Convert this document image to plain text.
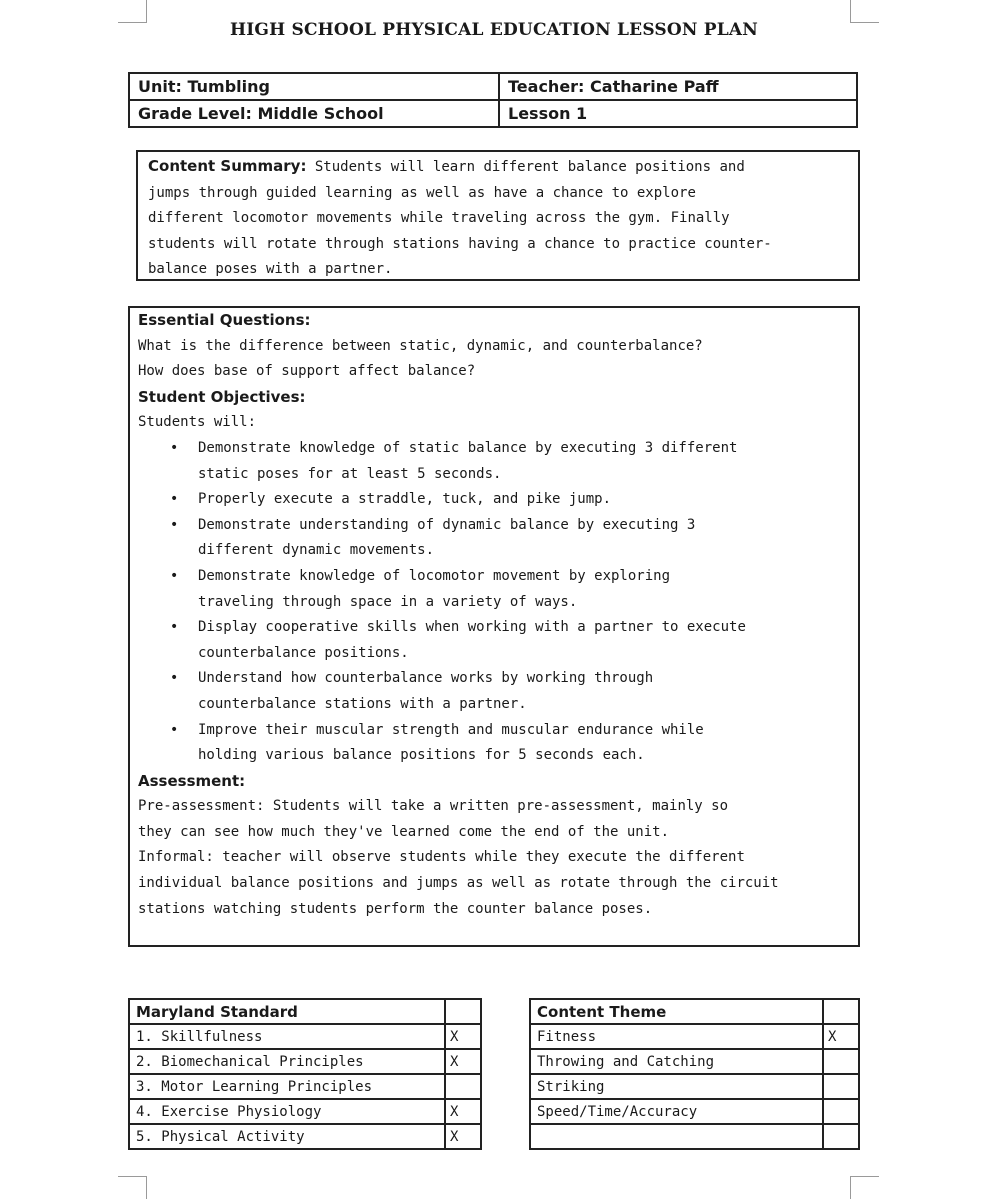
HIGH SCHOOL PHYSICAL EDUCATION LESSON PLAN
Unit: Tumbling	Teacher: Catharine Paff
Grade Level: Middle School	Lesson 1
Content Summary: Students will learn different balance positions and
jumps through guided learning as well as have a chance to explore
different locomotor movements while traveling across the gym. Finally
students will rotate through stations having a chance to practice counter-
balance poses with a partner.
Essential Questions:
What is the difference between static, dynamic, and counterbalance?
How does base of support affect balance?
Student Objectives:
Students will:
• Demonstrate knowledge of static balance by executing 3 different
static poses for at least 5 seconds.
• Properly execute a straddle, tuck, and pike jump.
• Demonstrate understanding of dynamic balance by executing 3
different dynamic movements.
• Demonstrate knowledge of locomotor movement by exploring
traveling through space in a variety of ways.
• Display cooperative skills when working with a partner to execute
counterbalance positions.
• Understand how counterbalance works by working through
counterbalance stations with a partner.
• Improve their muscular strength and muscular endurance while
holding various balance positions for 5 seconds each.
Assessment:
Pre-assessment: Students will take a written pre-assessment, mainly so
they can see how much they've learned come the end of the unit.
Informal: teacher will observe students while they execute the different
individual balance positions and jumps as well as rotate through the circuit
stations watching students perform the counter balance poses.
Maryland Standard	
1. Skillfulness	X
2. Biomechanical Principles	X
3. Motor Learning Principles	
4. Exercise Physiology	X
5. Physical Activity	X
Content Theme	
Fitness	X
Throwing and Catching	
Striking	
Speed/Time/Accuracy	
